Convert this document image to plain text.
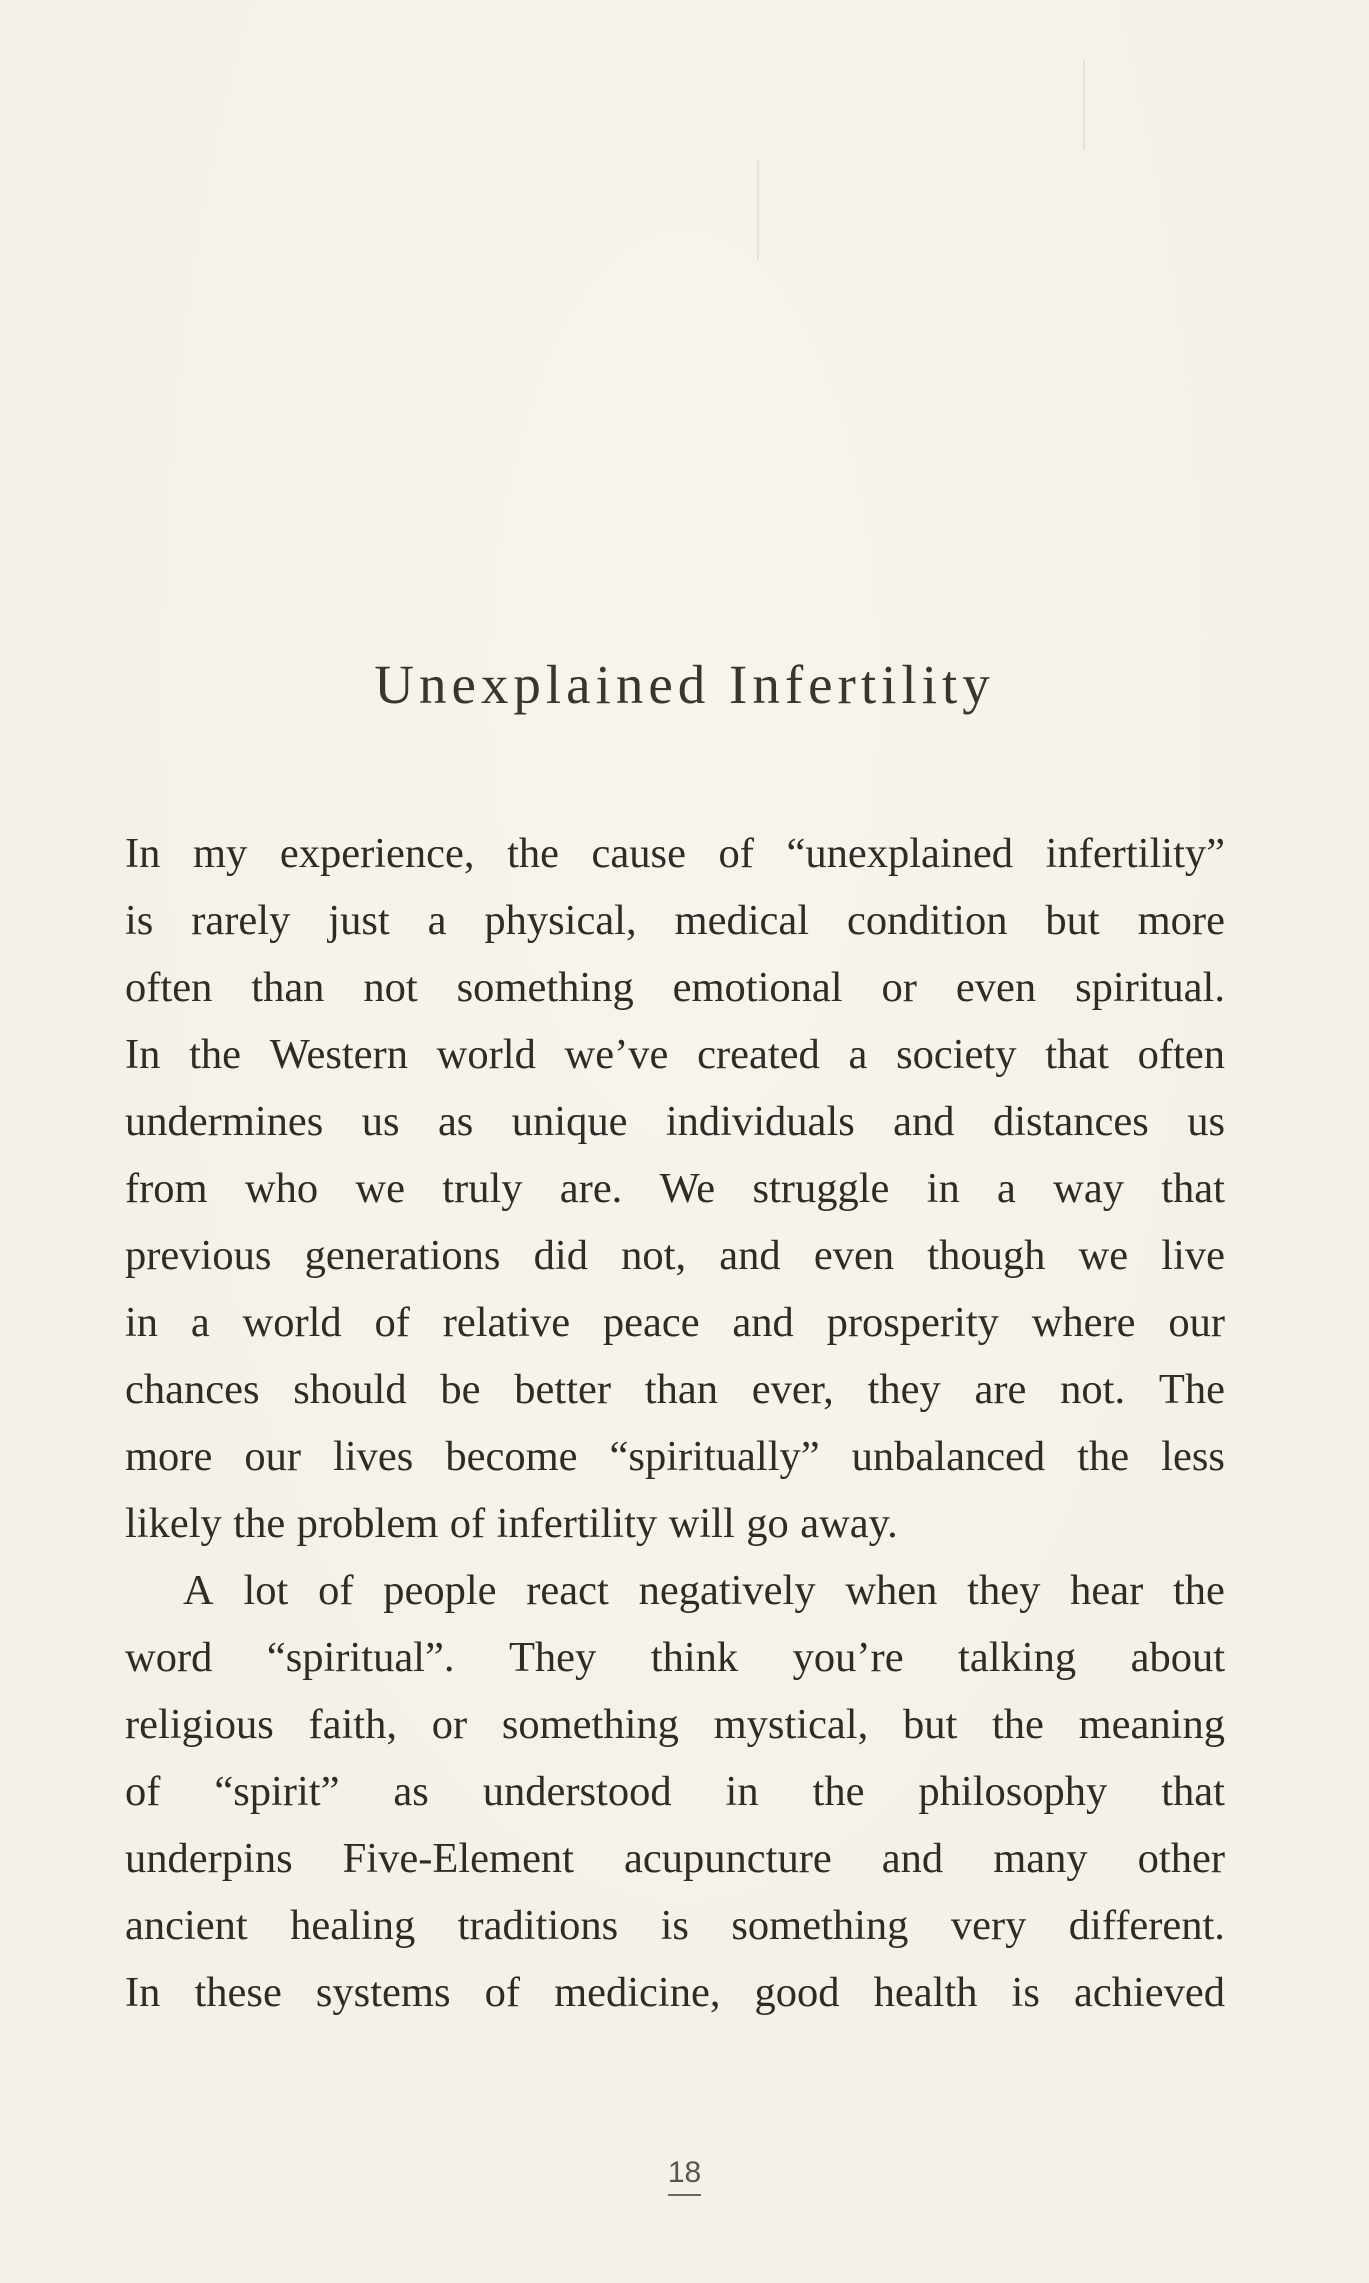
Unexplained Infertility
In my experience, the cause of “unexplained infertility”
is rarely just a physical, medical condition but more
often than not something emotional or even spiritual.
In the Western world we’ve created a society that often
undermines us as unique individuals and distances us
from who we truly are. We struggle in a way that
previous generations did not, and even though we live
in a world of relative peace and prosperity where our
chances should be better than ever, they are not. The
more our lives become “spiritually” unbalanced the less
likely the problem of infertility will go away.
A lot of people react negatively when they hear the
word “spiritual”. They think you’re talking about
religious faith, or something mystical, but the meaning
of “spirit” as understood in the philosophy that
underpins Five-Element acupuncture and many other
ancient healing traditions is something very different.
In these systems of medicine, good health is achieved
18
